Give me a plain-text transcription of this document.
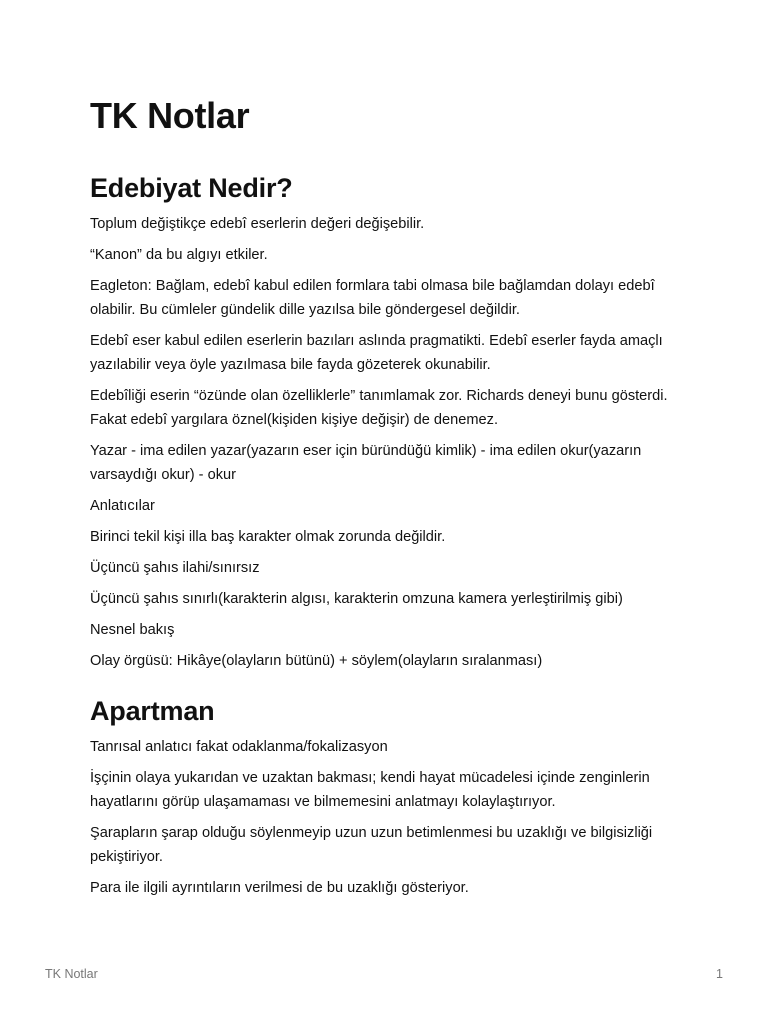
TK Notlar
Edebiyat Nedir?

Toplum değiştikçe edebî eserlerin değeri değişebilir.

“Kanon” da bu algıyı etkiler.

Eagleton: Bağlam, edebî kabul edilen formlara tabi olmasa bile bağlamdan dolayı edebî olabilir. Bu cümleler gündelik dille yazılsa bile göndergesel değildir.

Edebî eser kabul edilen eserlerin bazıları aslında pragmatikti. Edebî eserler fayda amaçlı yazılabilir veya öyle yazılmasa bile fayda gözeterek okunabilir.

Edebîliği eserin “özünde olan özelliklerle” tanımlamak zor. Richards deneyi bunu gösterdi. Fakat edebî yargılara öznel(kişiden kişiye değişir) de denemez.

Yazar - ima edilen yazar(yazarın eser için büründüğü kimlik) - ima edilen okur(yazarın varsaydığı okur) - okur

Anlatıcılar

Birinci tekil kişi illa baş karakter olmak zorunda değildir.

Üçüncü şahıs ilahi/sınırsız

Üçüncü şahıs sınırlı(karakterin algısı, karakterin omzuna kamera yerleştirilmiş gibi)

Nesnel bakış

Olay örgüsü: Hikâye(olayların bütünü) + söylem(olayların sıralanması)

Apartman

Tanrısal anlatıcı fakat odaklanma/fokalizasyon

İşçinin olaya yukarıdan ve uzaktan bakması; kendi hayat mücadelesi içinde zenginlerin hayatlarını görüp ulaşamaması ve bilmemesini anlatmayı kolaylaştırıyor.

Şarapların şarap olduğu söylenmeyip uzun uzun betimlenmesi bu uzaklığı ve bilgisizliği pekiştiriyor.

Para ile ilgili ayrıntıların verilmesi de bu uzaklığı gösteriyor.

TK Notlar	1
